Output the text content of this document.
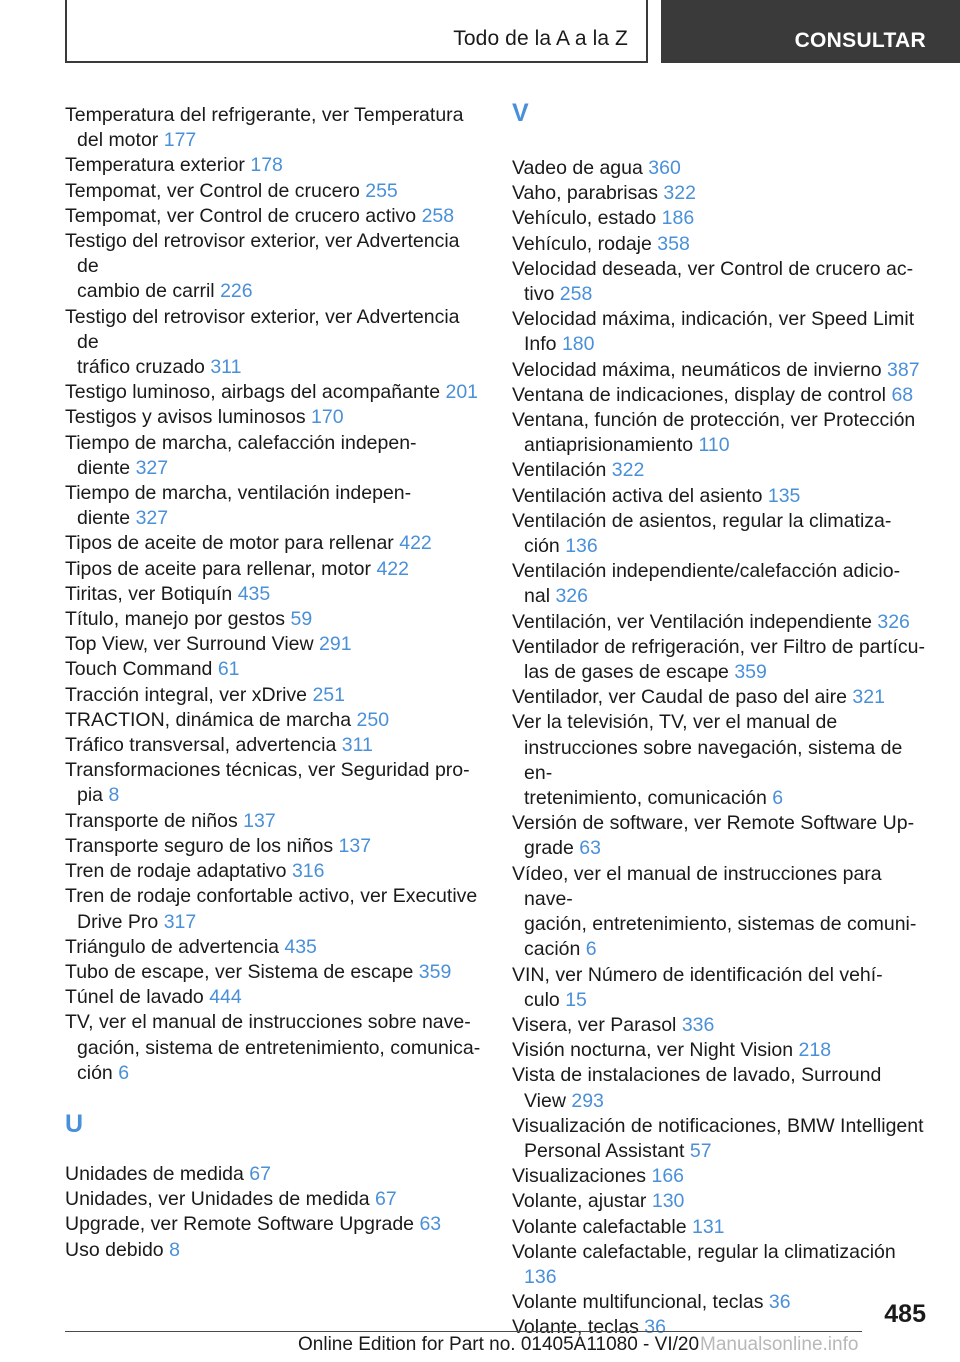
Todo de la A a la Z	CONSULTAR
Temperatura del refrigerante, ver Temperatura
del motor 177
Temperatura exterior 178
Tempomat, ver Control de crucero 255
Tempomat, ver Control de crucero activo 258
Testigo del retrovisor exterior, ver Advertencia de
cambio de carril 226
Testigo del retrovisor exterior, ver Advertencia de
tráfico cruzado 311
Testigo luminoso, airbags del acompañante 201
Testigos y avisos luminosos 170
Tiempo de marcha, calefacción indepen-
diente 327
Tiempo de marcha, ventilación indepen-
diente 327
Tipos de aceite de motor para rellenar 422
Tipos de aceite para rellenar, motor 422
Tiritas, ver Botiquín 435
Título, manejo por gestos 59
Top View, ver Surround View 291
Touch Command 61
Tracción integral, ver xDrive 251
TRACTION, dinámica de marcha 250
Tráfico transversal, advertencia 311
Transformaciones técnicas, ver Seguridad pro-
pia 8
Transporte de niños 137
Transporte seguro de los niños 137
Tren de rodaje adaptativo 316
Tren de rodaje confortable activo, ver Executive
Drive Pro 317
Triángulo de advertencia 435
Tubo de escape, ver Sistema de escape 359
Túnel de lavado 444
TV, ver el manual de instrucciones sobre nave-
gación, sistema de entretenimiento, comunica-
ción 6
U
Unidades de medida 67
Unidades, ver Unidades de medida 67
Upgrade, ver Remote Software Upgrade 63
Uso debido 8
V
Vadeo de agua 360
Vaho, parabrisas 322
Vehículo, estado 186
Vehículo, rodaje 358
Velocidad deseada, ver Control de crucero ac-
tivo 258
Velocidad máxima, indicación, ver Speed Limit
Info 180
Velocidad máxima, neumáticos de invierno 387
Ventana de indicaciones, display de control 68
Ventana, función de protección, ver Protección
antiaprisionamiento 110
Ventilación 322
Ventilación activa del asiento 135
Ventilación de asientos, regular la climatiza-
ción 136
Ventilación independiente/calefacción adicio-
nal 326
Ventilación, ver Ventilación independiente 326
Ventilador de refrigeración, ver Filtro de partícu-
las de gases de escape 359
Ventilador, ver Caudal de paso del aire 321
Ver la televisión, TV, ver el manual de
instrucciones sobre navegación, sistema de en-
tretenimiento, comunicación 6
Versión de software, ver Remote Software Up-
grade 63
Vídeo, ver el manual de instrucciones para nave-
gación, entretenimiento, sistemas de comuni-
cación 6
VIN, ver Número de identificación del vehí-
culo 15
Visera, ver Parasol 336
Visión nocturna, ver Night Vision 218
Vista de instalaciones de lavado, Surround
View 293
Visualización de notificaciones, BMW Intelligent
Personal Assistant 57
Visualizaciones 166
Volante, ajustar 130
Volante calefactable 131
Volante calefactable, regular la climatización 136
Volante multifuncional, teclas 36
Volante, teclas 36	485
Online Edition for Part no. 01405A11080 - VI/20 Manualsonline.info
